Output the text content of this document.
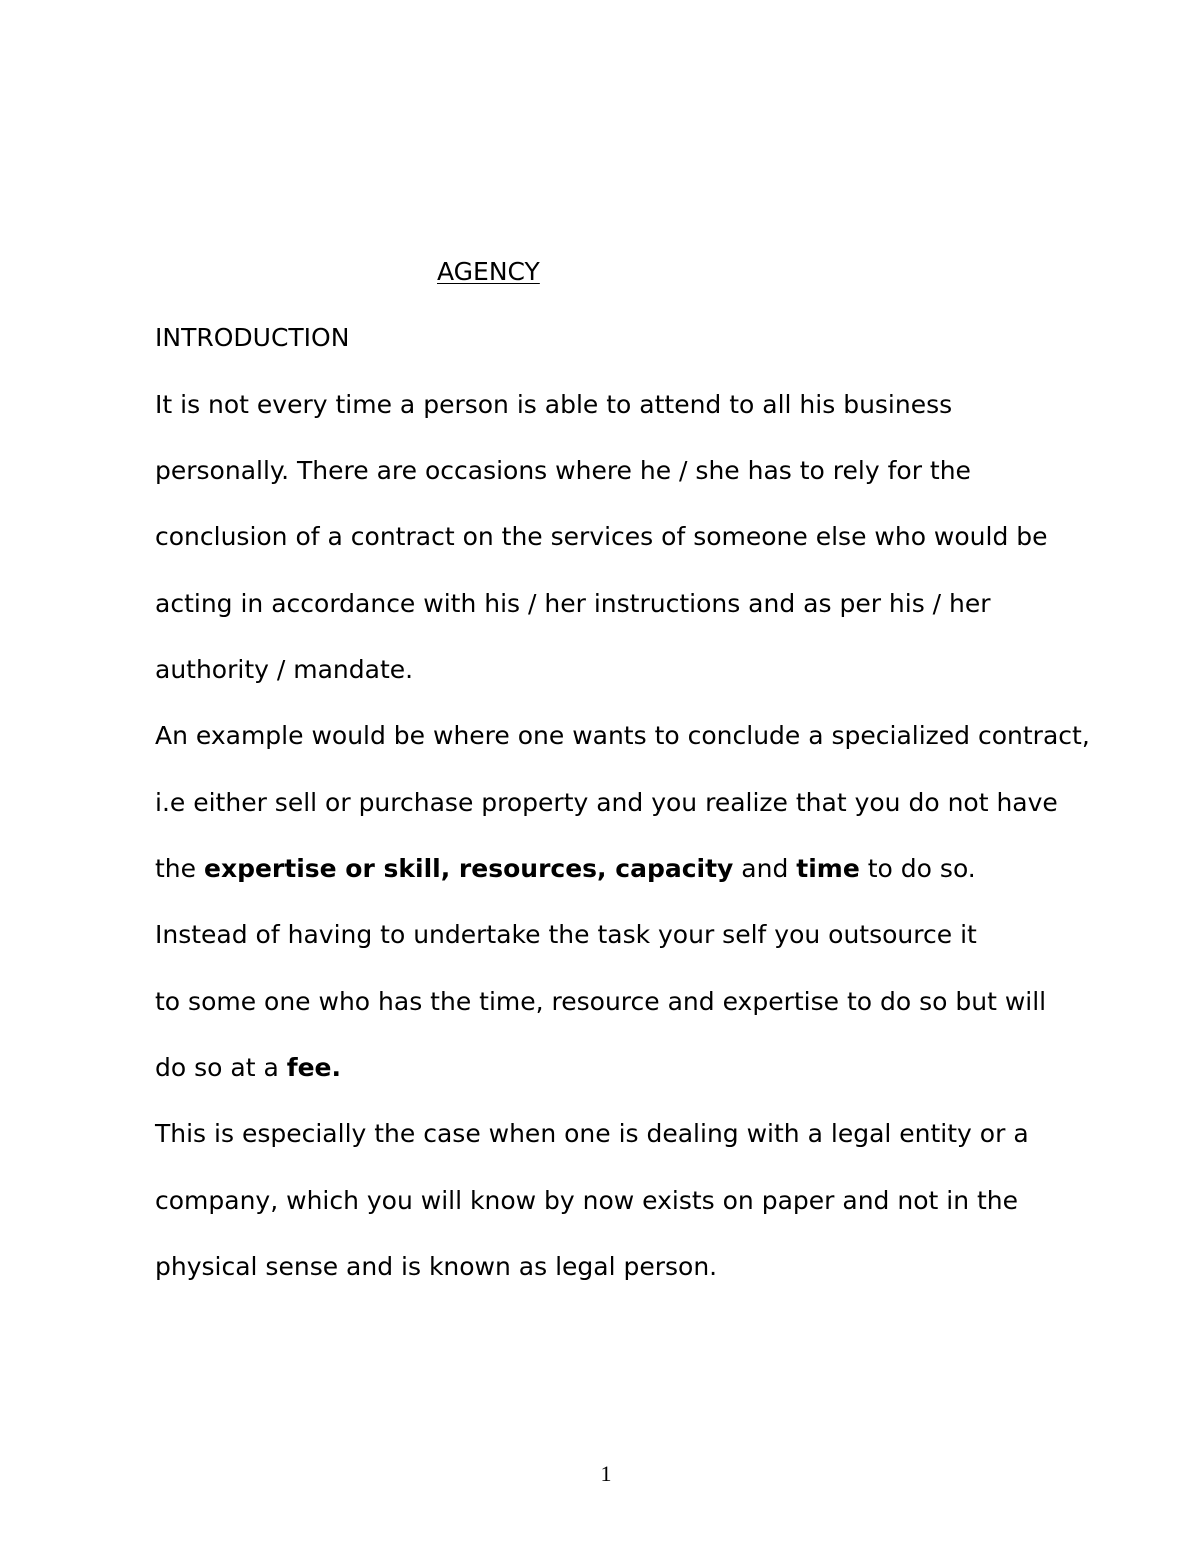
AGENCY
INTRODUCTION
It is not every time a person is able to attend to all his business
personally. There are occasions where he / she has to rely for the
conclusion of a contract on the services of someone else who would be
acting in accordance with his / her instructions and as per his / her
authority / mandate.
An example would be where one wants to conclude a specialized contract,
i.e either sell or purchase property and you realize that you do not have
the expertise or skill, resources, capacity and time to do so.
Instead of having to undertake the task your self you outsource it
to some one who has the time, resource and expertise to do so but will
do so at a fee.
This is especially the case when one is dealing with a legal entity or a
company, which you will know by now exists on paper and not in the
physical sense and is known as legal person.
1
